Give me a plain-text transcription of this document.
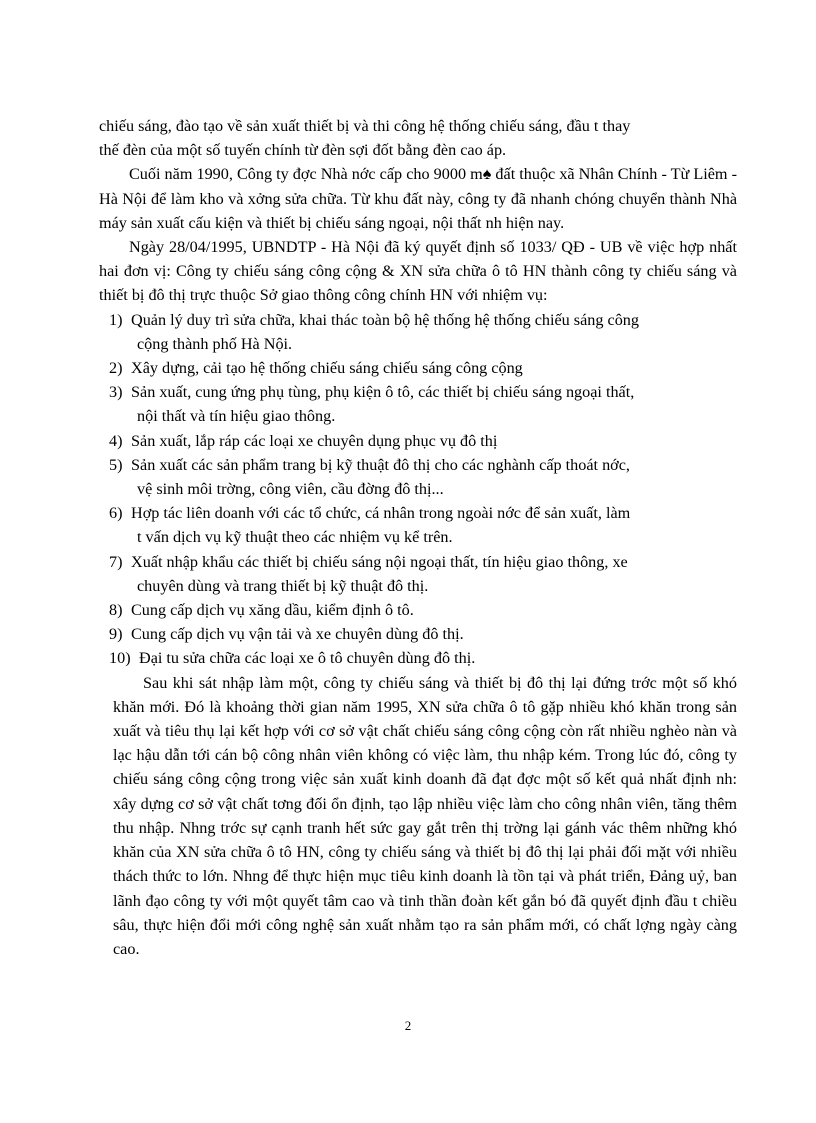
chiếu sáng, đào tạo về sản xuất thiết bị và thi công hệ thống chiếu sáng, đầu t thay
thế đèn của một số tuyến chính từ đèn sợi đốt bằng đèn cao áp.

Cuối năm 1990, Công ty đợc Nhà nớc cấp cho 9000 m♠ đất thuộc xã Nhân Chính - Từ Liêm - Hà Nội để làm kho và xởng sửa chữa. Từ khu đất này, công ty đã nhanh chóng chuyển thành Nhà máy sản xuất cấu kiện và thiết bị chiếu sáng ngoại, nội thất nh hiện nay.

Ngày 28/04/1995, UBNDTP - Hà Nội đã ký quyết định số 1033/ QĐ - UB về việc hợp nhất hai đơn vị: Công ty chiếu sáng công cộng & XN sửa chữa ô tô HN thành công ty chiếu sáng và thiết bị đô thị trực thuộc Sở giao thông công chính HN với nhiệm vụ:

1) Quản lý duy trì sửa chữa, khai thác toàn bộ hệ thống hệ thống chiếu sáng công
cộng thành phố Hà Nội.
2) Xây dựng, cải tạo hệ thống chiếu sáng chiếu sáng công cộng
3) Sản xuất, cung ứng phụ tùng, phụ kiện ô tô, các thiết bị chiếu sáng ngoại thất,
nội thất và tín hiệu giao thông.
4) Sản xuất, lắp ráp các loại xe chuyên dụng phục vụ đô thị
5) Sản xuất các sản phẩm trang bị kỹ thuật đô thị cho các nghành cấp thoát nớc,
vệ sinh môi trờng, công viên, cầu đờng đô thị...
6) Hợp tác liên doanh với các tổ chức, cá nhân trong ngoài nớc để sản xuất, làm
t vấn dịch vụ kỹ thuật theo các nhiệm vụ kể trên.
7) Xuất nhập khẩu các thiết bị chiếu sáng nội ngoại thất, tín hiệu giao thông, xe
chuyên dùng và trang thiết bị kỹ thuật đô thị.
8) Cung cấp dịch vụ xăng dầu, kiểm định ô tô.
9) Cung cấp dịch vụ vận tải và xe chuyên dùng đô thị.
10) Đại tu sửa chữa các loại xe ô tô chuyên dùng đô thị.

Sau khi sát nhập làm một, công ty chiếu sáng và thiết bị đô thị lại đứng trớc một số khó khăn mới. Đó là khoảng thời gian năm 1995, XN sửa chữa ô tô gặp nhiều khó khăn trong sản xuất và tiêu thụ lại kết hợp với cơ sở vật chất chiếu sáng công cộng còn rất nhiều nghèo nàn và lạc hậu dẫn tới cán bộ công nhân viên không có việc làm, thu nhập kém. Trong lúc đó, công ty chiếu sáng công cộng trong việc sản xuất kinh doanh đã đạt đợc một số kết quả nhất định nh: xây dựng cơ sở vật chất tơng đối ổn định, tạo lập nhiều việc làm cho công nhân viên, tăng thêm thu nhập. Nhng trớc sự cạnh tranh hết sức gay gắt trên thị trờng lại gánh vác thêm những khó khăn của XN sửa chữa ô tô HN, công ty chiếu sáng và thiết bị đô thị lại phải đối mặt với nhiều thách thức to lớn. Nhng để thực hiện mục tiêu kinh doanh là tồn tại và phát triển, Đảng uỷ, ban lãnh đạo công ty với một quyết tâm cao và tinh thần đoàn kết gắn bó đã quyết định đầu t chiều sâu, thực hiện đổi mới công nghệ sản xuất nhằm tạo ra sản phẩm mới, có chất lợng ngày càng cao.

2
